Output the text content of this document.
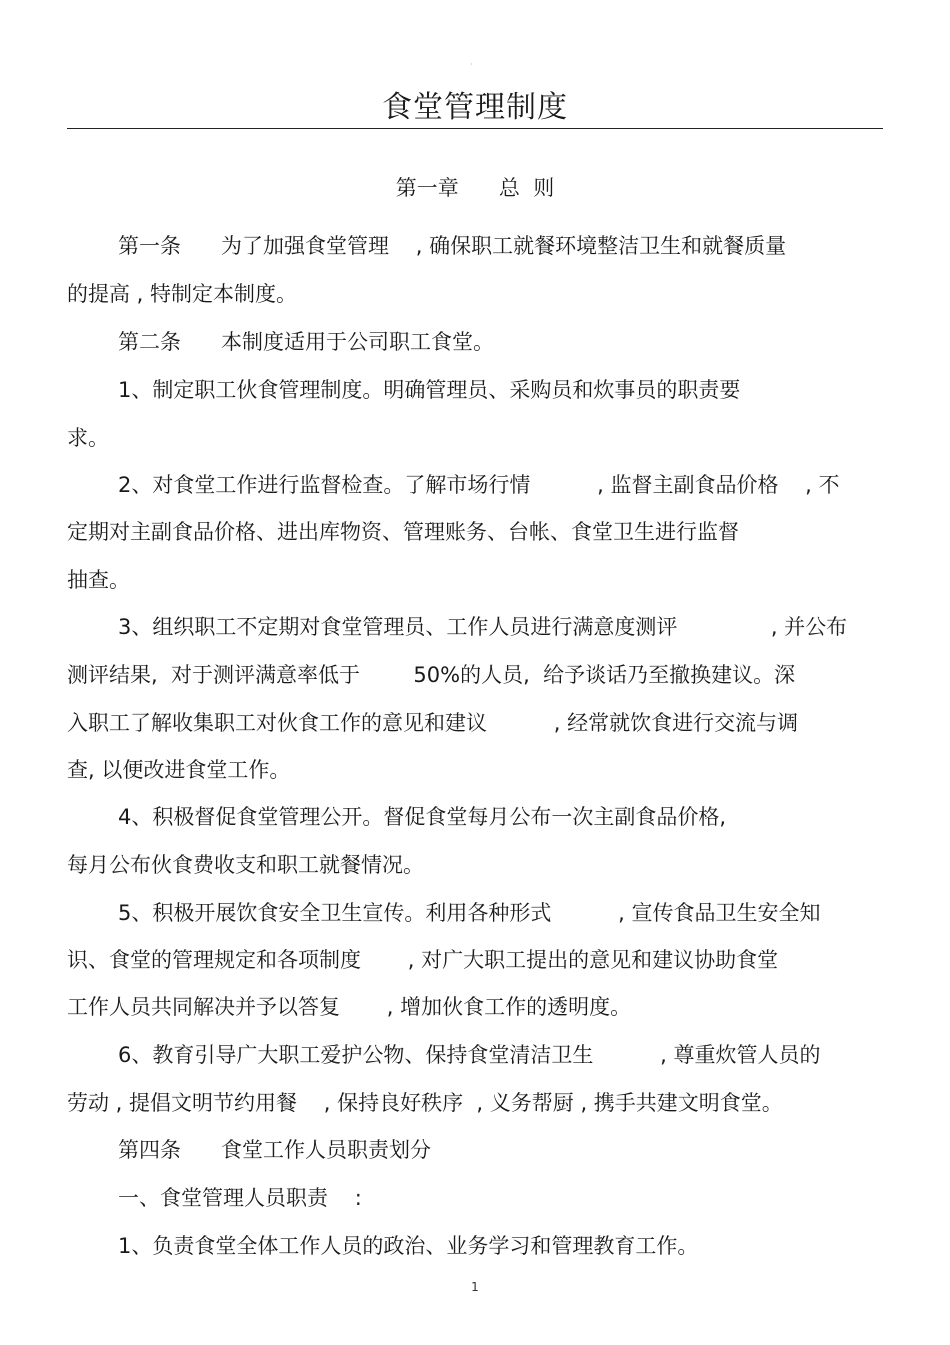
·
食堂管理制度
第一章      总  则
第一条      为了加强食堂管理    , 确保职工就餐环境整洁卫生和就餐质量
的提高 , 特制定本制度。
第二条      本制度适用于公司职工食堂。
1、制定职工伙食管理制度。明确管理员、采购员和炊事员的职责要
求。
2、对食堂工作进行监督检查。了解市场行情          , 监督主副食品价格    , 不
定期对主副食品价格、进出库物资、管理账务、台帐、食堂卫生进行监督
抽查。
3、组织职工不定期对食堂管理员、工作人员进行满意度测评              , 并公布
测评结果,  对于测评满意率低于        50%的人员,  给予谈话乃至撤换建议。深
入职工了解收集职工对伙食工作的意见和建议          , 经常就饮食进行交流与调
查, 以便改进食堂工作。
4、积极督促食堂管理公开。督促食堂每月公布一次主副食品价格,
每月公布伙食费收支和职工就餐情况。
5、积极开展饮食安全卫生宣传。利用各种形式          , 宣传食品卫生安全知
识、食堂的管理规定和各项制度       , 对广大职工提出的意见和建议协助食堂
工作人员共同解决并予以答复       , 增加伙食工作的透明度。
6、教育引导广大职工爱护公物、保持食堂清洁卫生          , 尊重炊管人员的
劳动 , 提倡文明节约用餐    , 保持良好秩序  , 义务帮厨 , 携手共建文明食堂。
第四条      食堂工作人员职责划分
一、食堂管理人员职责    :
1、负责食堂全体工作人员的政治、业务学习和管理教育工作。
1
